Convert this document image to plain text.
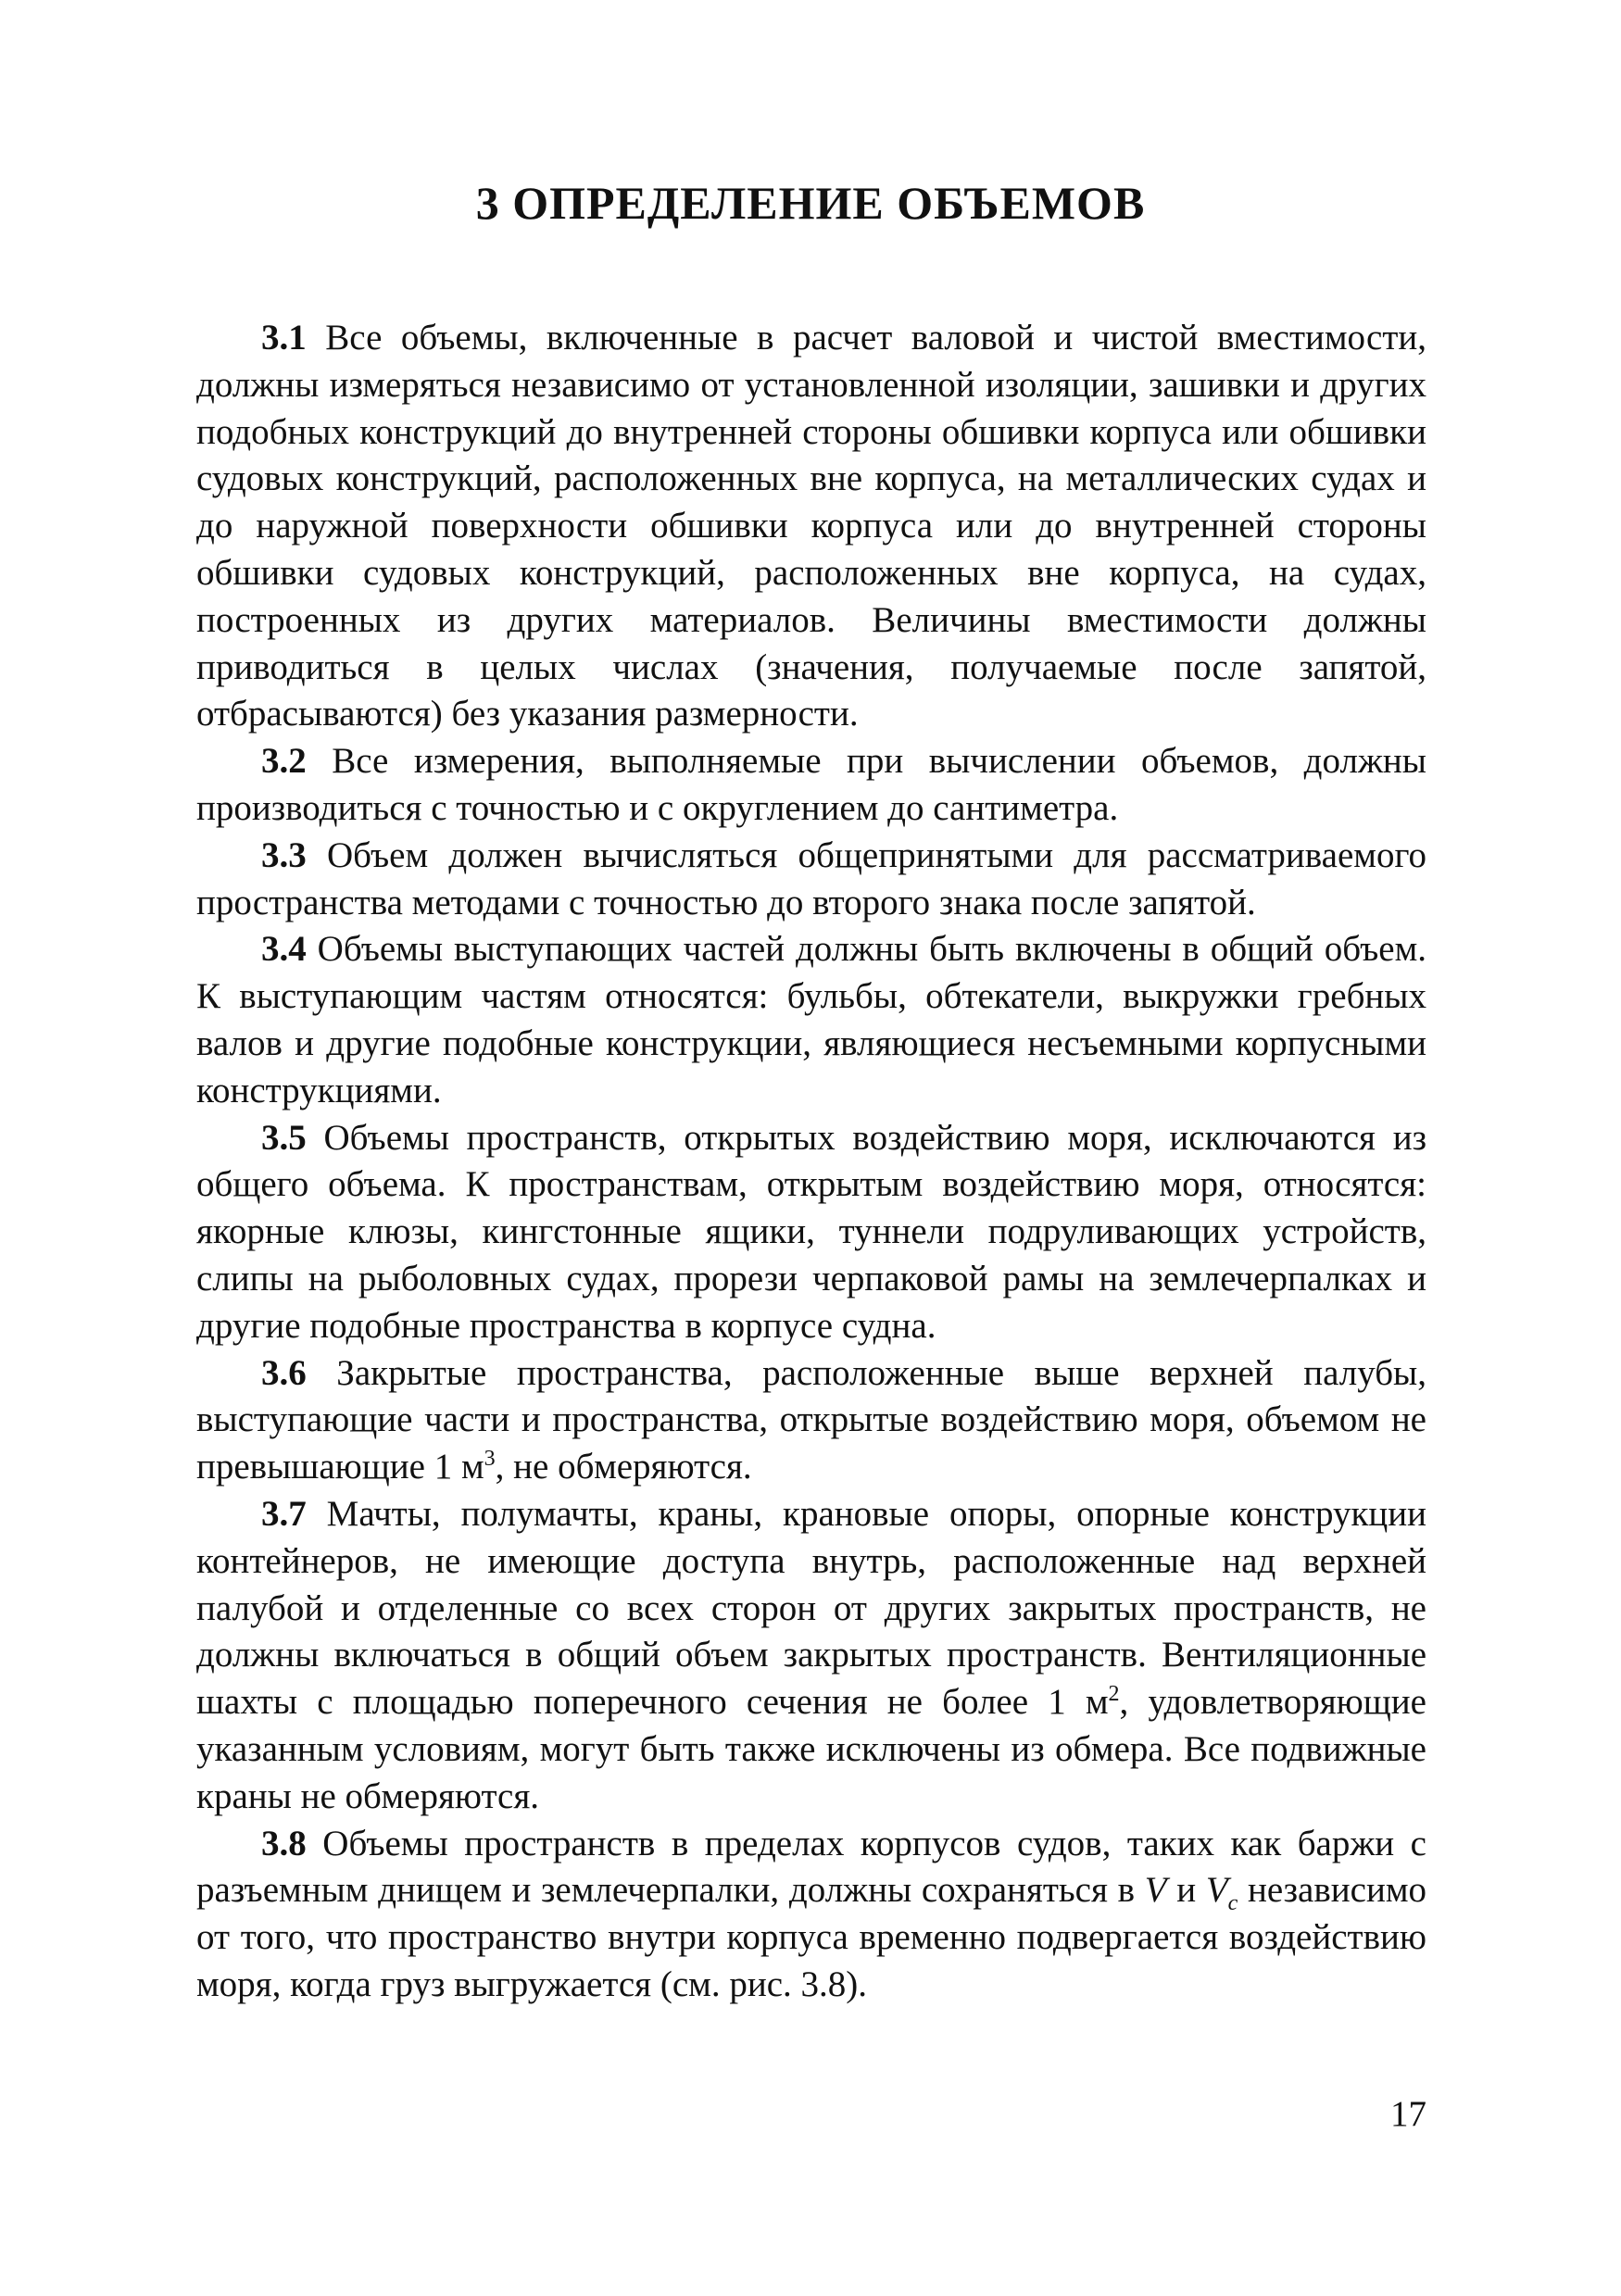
3 ОПРЕДЕЛЕНИЕ ОБЪЕМОВ

3.1 Все объемы, включенные в расчет валовой и чистой вместимости, должны измеряться независимо от установленной изоляции, зашивки и других подобных конструкций до внутренней стороны обшивки корпуса или обшивки судовых конструкций, расположенных вне корпуса, на металлических судах и до наружной поверхности обшивки корпуса или до внутренней стороны обшивки судовых конструкций, расположенных вне корпуса, на судах, построенных из других материалов. Величины вместимости должны приводиться в целых числах (значения, получаемые после запятой, отбрасываются) без указания размерности.

3.2 Все измерения, выполняемые при вычислении объемов, должны производиться с точностью и с округлением до сантиметра.

3.3 Объем должен вычисляться общепринятыми для рассматриваемого пространства методами с точностью до второго знака после запятой.

3.4 Объемы выступающих частей должны быть включены в общий объем. К выступающим частям относятся: бульбы, обтекатели, выкружки гребных валов и другие подобные конструкции, являющиеся несъемными корпусными конструкциями.

3.5 Объемы пространств, открытых воздействию моря, исключаются из общего объема. К пространствам, открытым воздействию моря, относятся: якорные клюзы, кингстонные ящики, туннели подруливающих устройств, слипы на рыболовных судах, прорези черпаковой рамы на землечерпалках и другие подобные пространства в корпусе судна.

3.6 Закрытые пространства, расположенные выше верхней палубы, выступающие части и пространства, открытые воздействию моря, объемом не превышающие 1 $м^3$, не обмеряются.

3.7 Мачты, полумачты, краны, крановые опоры, опорные конструкции контейнеров, не имеющие доступа внутрь, расположенные над верхней палубой и отделенные со всех сторон от других закрытых пространств, не должны включаться в общий объем закрытых пространств. Вентиляционные шахты с площадью поперечного сечения не более 1 $м^2$, удовлетворяющие указанным условиям, могут быть также исключены из обмера. Все подвижные краны не обмеряются.

3.8 Объемы пространств в пределах корпусов судов, таких как баржи с разъемным днищем и землечерпалки, должны сохраняться в V и $V_c$ независимо от того, что пространство внутри корпуса временно подвергается воздействию моря, когда груз выгружается (см. рис. 3.8).

17
